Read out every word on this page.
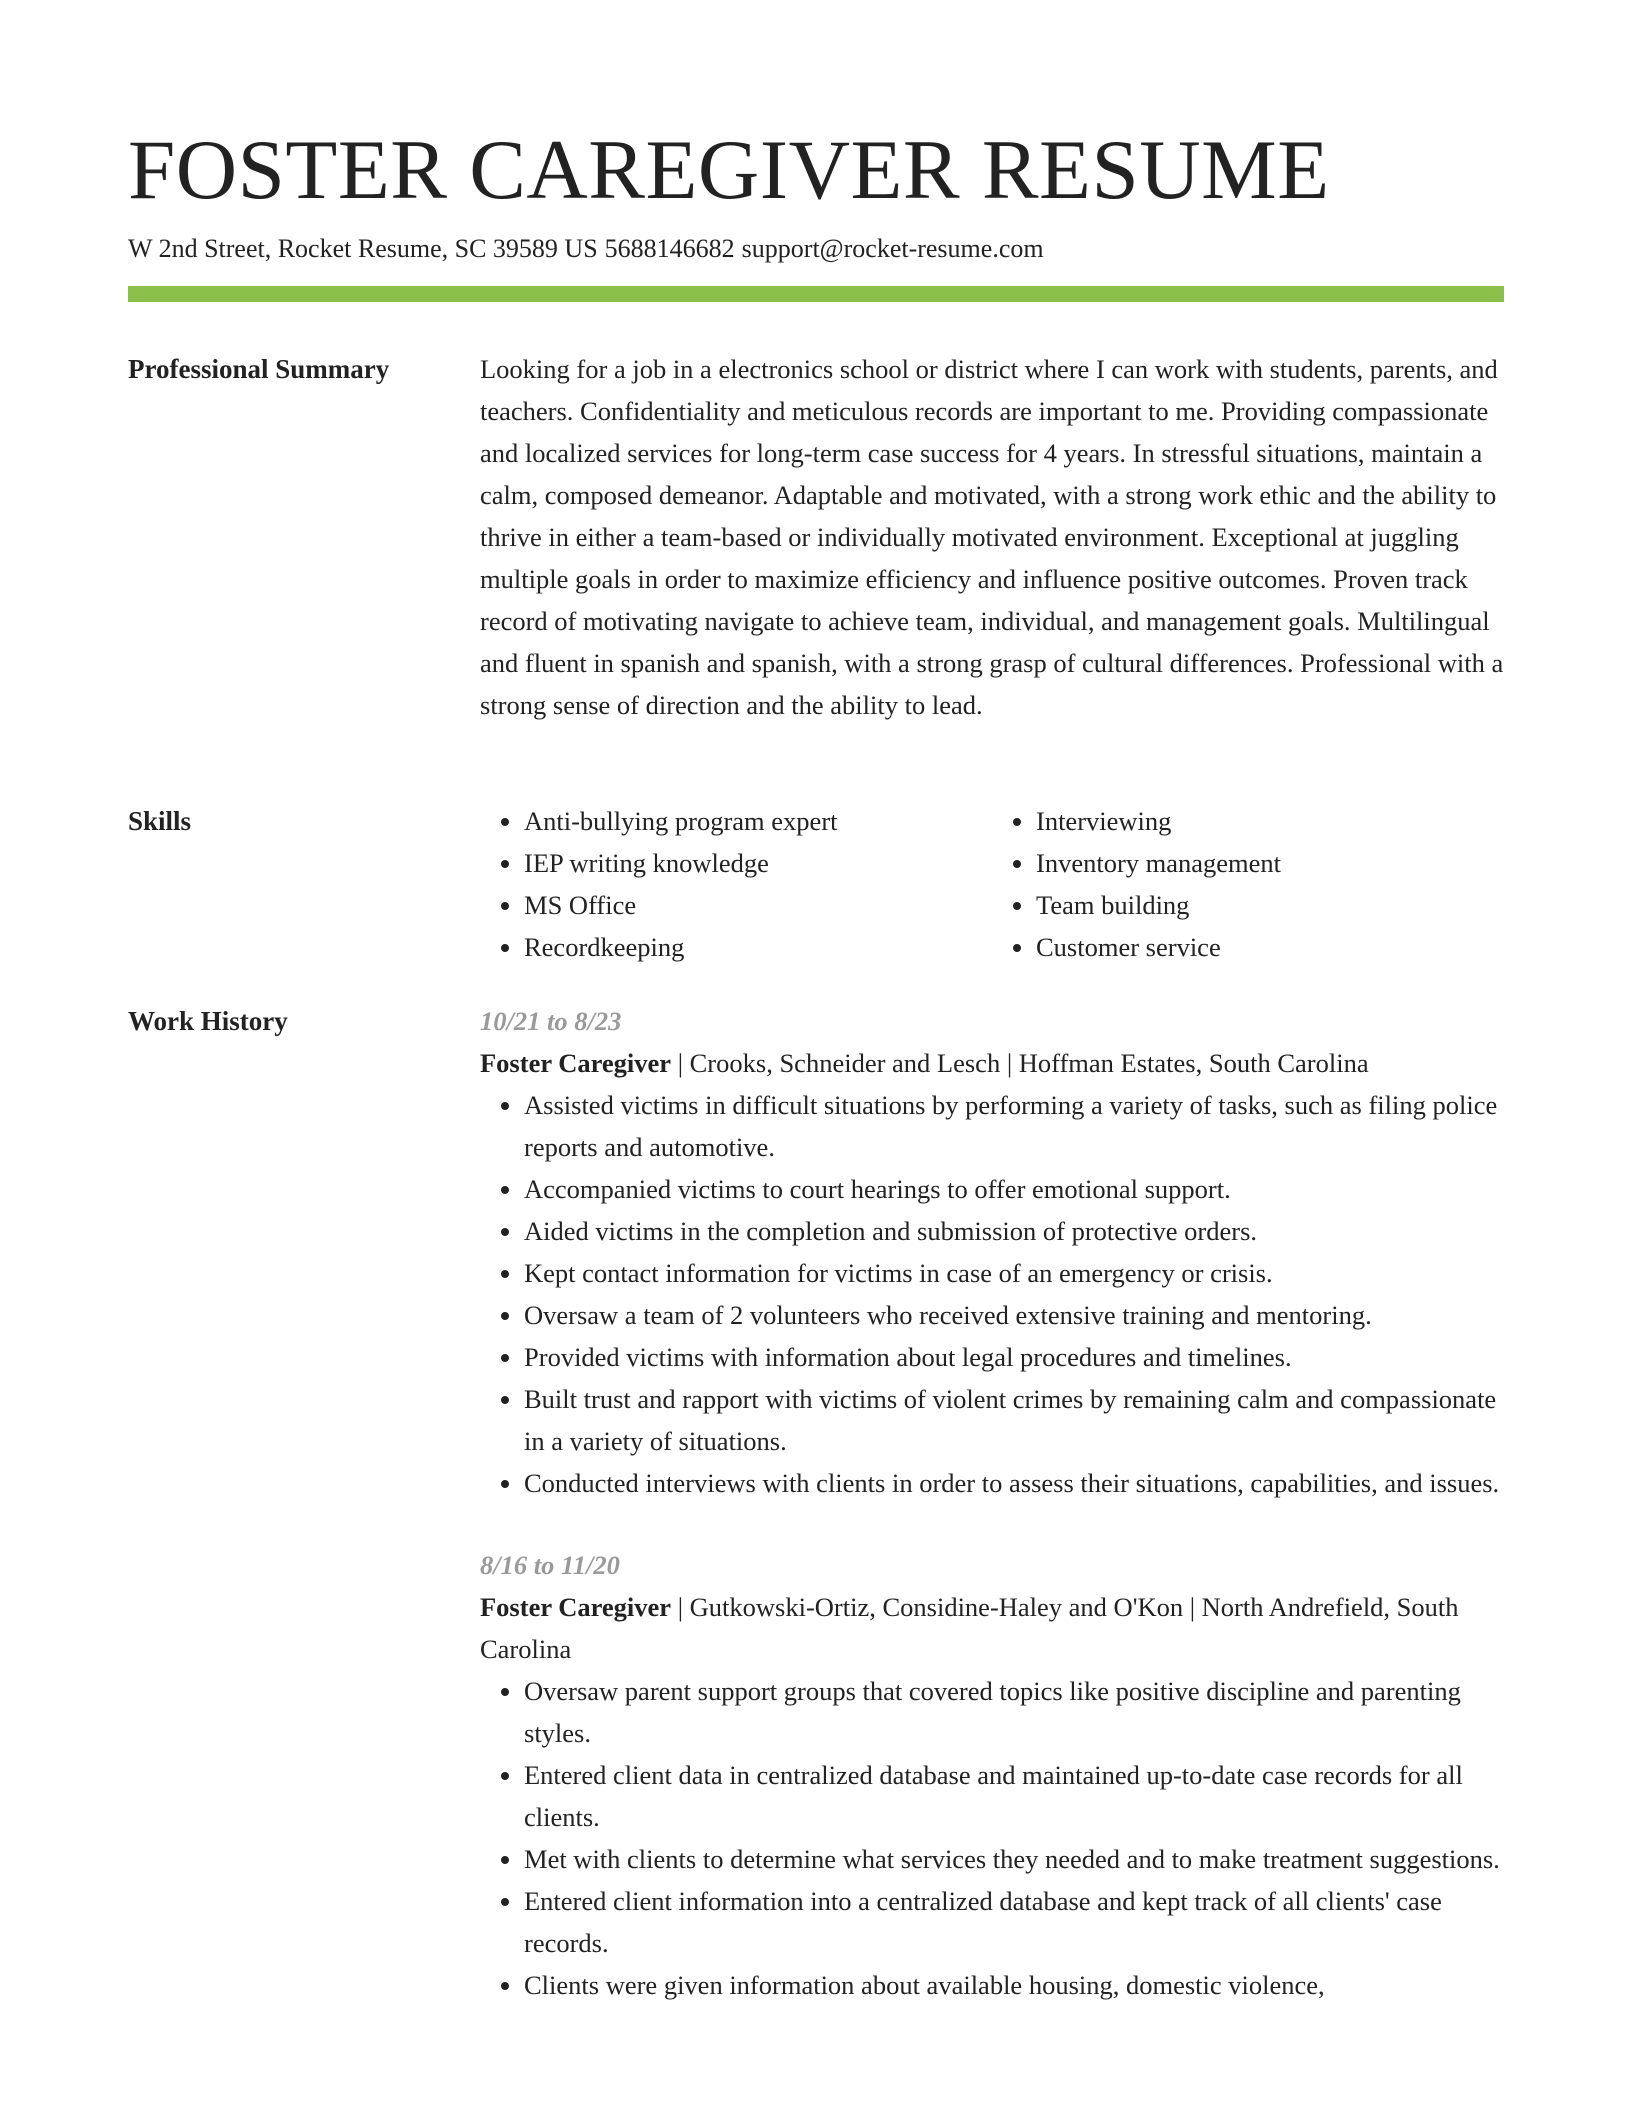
FOSTER CAREGIVER RESUME
W 2nd Street, Rocket Resume, SC 39589 US 5688146682 support@rocket-resume.com
Professional Summary	Looking for a job in a electronics school or district where I can work with students, parents, and teachers. Confidentiality and meticulous records are important to me. Providing compassionate and localized services for long-term case success for 4 years. In stressful situations, maintain a calm, composed demeanor. Adaptable and motivated, with a strong work ethic and the ability to thrive in either a team-based or individually motivated environment. Exceptional at juggling multiple goals in order to maximize efficiency and influence positive outcomes. Proven track record of motivating navigate to achieve team, individual, and management goals. Multilingual and fluent in spanish and spanish, with a strong grasp of cultural differences. Professional with a strong sense of direction and the ability to lead.

Skills
•	Anti-bullying program expert
• IEP writing knowledge
• MS Office
• Recordkeeping
• Interviewing
• Inventory management
• Team building
• Customer service
Work History	10/21 to 8/23

Foster Caregiver | Crooks, Schneider and Lesch | Hoffman Estates, South Carolina

• Assisted victims in difficult situations by performing a variety of tasks, such as filing police reports and automotive.
• Accompanied victims to court hearings to offer emotional support.
• Aided victims in the completion and submission of protective orders.
• Kept contact information for victims in case of an emergency or crisis.
• Oversaw a team of 2 volunteers who received extensive training and mentoring.
• Provided victims with information about legal procedures and timelines.
• Built trust and rapport with victims of violent crimes by remaining calm and compassionate in a variety of situations.
• Conducted interviews with clients in order to assess their situations, capabilities, and issues.

8/16 to 11/20

Foster Caregiver | Gutkowski-Ortiz, Considine-Haley and O'Kon | North Andrefield, South Carolina

• Oversaw parent support groups that covered topics like positive discipline and parenting styles.
• Entered client data in centralized database and maintained up-to-date case records for all clients.
• Met with clients to determine what services they needed and to make treatment suggestions.
• Entered client information into a centralized database and kept track of all clients' case records.
• Clients were given information about available housing, domestic violence,
